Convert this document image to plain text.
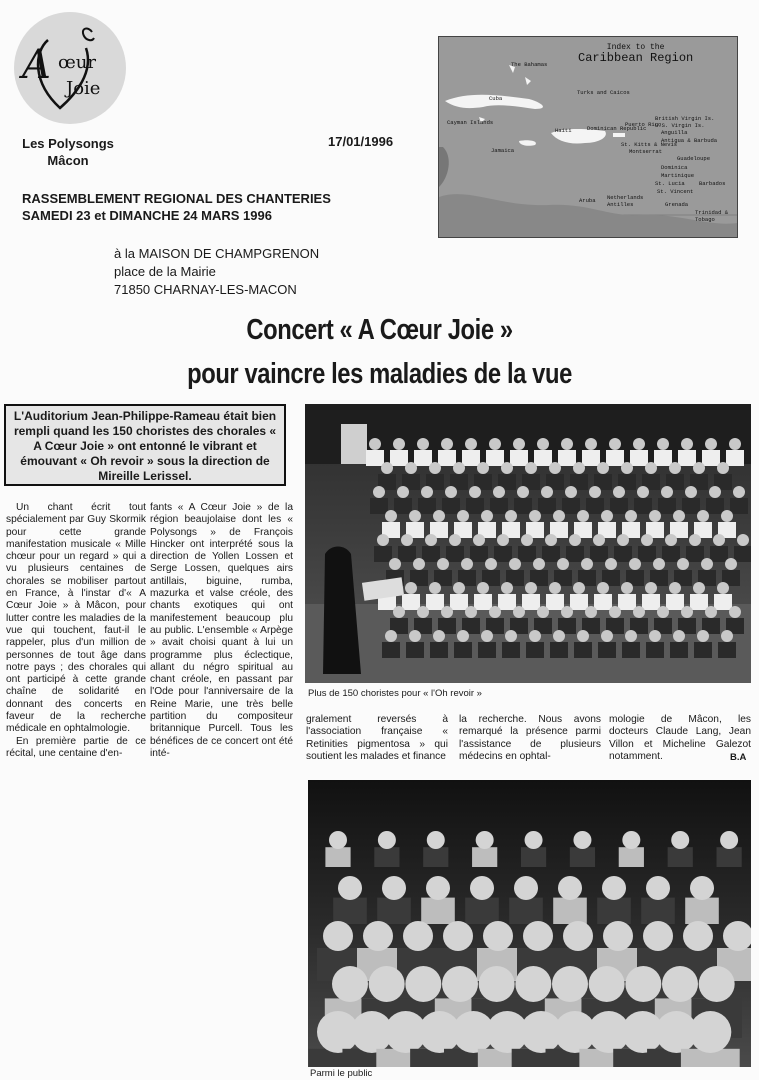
A œur
Joie
Les Polysongs
Mâcon
17/01/1996
RASSEMBLEMENT REGIONAL DES CHANTERIES
SAMEDI 23 et DIMANCHE 24 MARS 1996
à la MAISON DE CHAMPGRENON
place de la Mairie
71850 CHARNAY-LES-MACON
The Bahamas
Cuba
Turks and Caicos
Cayman Islands
Jamaica
Haiti	Dominican Republic
Puerto Rico
British Virgin Is.
U.S. Virgin Is.
Anguilla
Antigua & Barbuda
St. Kitts & Nevis
Montserrat
Guadeloupe
Dominica
Martinique
St. Lucia	Barbados
St. Vincent
Aruba Netherlands Antilles	Grenada
Trinidad & Tobago
Index to the
Caribbean Region
Concert « A Cœur Joie »
pour vaincre les maladies de la vue
L'Auditorium Jean-Philippe-Rameau était bien rempli quand les 150 choristes des chorales « A Cœur Joie » ont entonné le vibrant et émouvant « Oh revoir » sous la direction de Mireille Lerissel.

Un chant écrit tout spécialement par Guy Skormik pour cette grande manifestation musicale « Mille chœur pour un regard » qui a vu plusieurs centaines de chorales se mobiliser partout en France, à l'instar d'« A Cœur Joie » à Mâcon, pour lutter contre les maladies de la vue qui touchent, faut-il le rappeler, plus d'un million de personnes de tout âge dans notre pays ; des chorales qui ont participé à cette grande chaîne de solidarité en donnant des concerts en faveur de la recherche médicale en ophtalmologie.

En première partie de ce récital, une centaine d'en-

fants « A Cœur Joie » de la région beaujolaise dont les « Polysongs » de François Hincker ont interprété sous la direction de Yollen Lossen et Serge Lossen, quelques airs antillais, biguine, rumba, mazurka et valse créole, des chants exotiques qui ont manifestement beaucoup plu au public. L'ensemble « Arpège » avait choisi quant à lui un programme plus éclectique, allant du négro spiritual au chant créole, en passant par l'Ode pour l'anniversaire de la Reine Marie, une très belle partition du compositeur britannique Purcell. Tous les bénéfices de ce concert ont été inté-

Plus de 150 choristes pour « l'Oh revoir »

gralement reversés à l'association française « Retinities pigmentosa » qui soutient les malades et finance

la recherche. Nous avons remarqué la présence parmi l'assistance de plusieurs médecins en ophtal-

mologie de Mâcon, les docteurs Claude Lang, Jean Villon et Micheline Galezot notamment.	B.A
Parmi le public
